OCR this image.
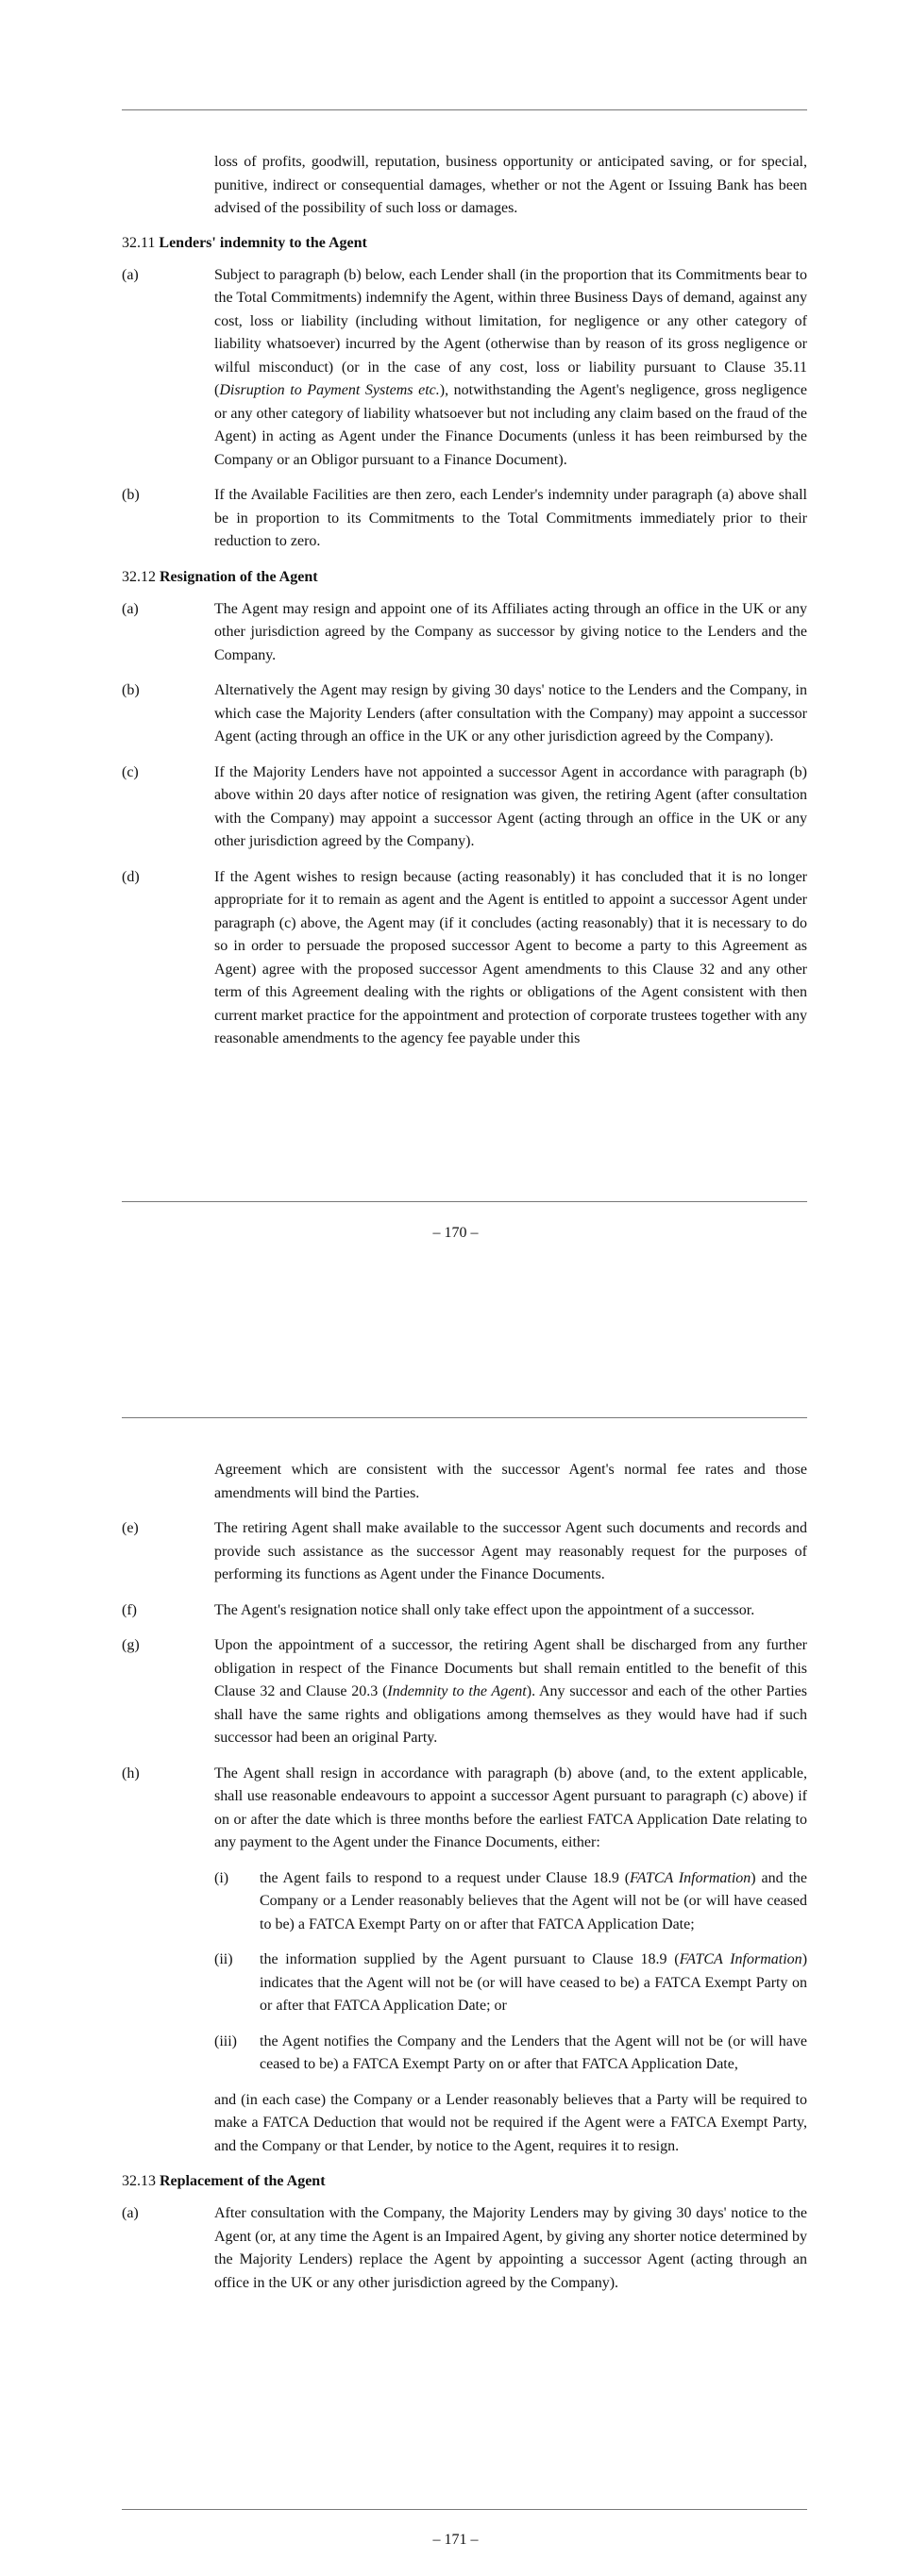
loss of profits, goodwill, reputation, business opportunity or anticipated saving, or for special, punitive, indirect or consequential damages, whether or not the Agent or Issuing Bank has been advised of the possibility of such loss or damages.

32.11 Lenders' indemnity to the Agent
(a)	Subject to paragraph (b) below, each Lender shall (in the proportion that its Commitments bear to the Total Commitments) indemnify the Agent, within three Business Days of demand, against any cost, loss or liability (including without limitation, for negligence or any other category of liability whatsoever) incurred by the Agent (otherwise than by reason of its gross negligence or wilful misconduct) (or in the case of any cost, loss or liability pursuant to Clause 35.11 (Disruption to Payment Systems etc.), notwithstanding the Agent's negligence, gross negligence or any other category of liability whatsoever but not including any claim based on the fraud of the Agent) in acting as Agent under the Finance Documents (unless it has been reimbursed by the Company or an Obligor pursuant to a Finance Document).

(b)	If the Available Facilities are then zero, each Lender's indemnity under paragraph (a) above shall be in proportion to its Commitments to the Total Commitments immediately prior to their reduction to zero.

32.12 Resignation of the Agent
(a)	The Agent may resign and appoint one of its Affiliates acting through an office in the UK or any other jurisdiction agreed by the Company as successor by giving notice to the Lenders and the Company.

(b)	Alternatively the Agent may resign by giving 30 days' notice to the Lenders and the Company, in which case the Majority Lenders (after consultation with the Company) may appoint a successor Agent (acting through an office in the UK or any other jurisdiction agreed by the Company).

(c)	If the Majority Lenders have not appointed a successor Agent in accordance with paragraph (b) above within 20 days after notice of resignation was given, the retiring Agent (after consultation with the Company) may appoint a successor Agent (acting through an office in the UK or any other jurisdiction agreed by the Company).

(d)	If the Agent wishes to resign because (acting reasonably) it has concluded that it is no longer appropriate for it to remain as agent and the Agent is entitled to appoint a successor Agent under paragraph (c) above, the Agent may (if it concludes (acting reasonably) that it is necessary to do so in order to persuade the proposed successor Agent to become a party to this Agreement as Agent) agree with the proposed successor Agent amendments to this Clause 32 and any other term of this Agreement dealing with the rights or obligations of the Agent consistent with then current market practice for the appointment and protection of corporate trustees together with any reasonable amendments to the agency fee payable under this

– 170 –

Agreement which are consistent with the successor Agent's normal fee rates and those amendments will bind the Parties.

(e)	The retiring Agent shall make available to the successor Agent such documents and records and provide such assistance as the successor Agent may reasonably request for the purposes of performing its functions as Agent under the Finance Documents.

(f)	The Agent's resignation notice shall only take effect upon the appointment of a successor.

(g)	Upon the appointment of a successor, the retiring Agent shall be discharged from any further obligation in respect of the Finance Documents but shall remain entitled to the benefit of this Clause 32 and Clause 20.3 (Indemnity to the Agent). Any successor and each of the other Parties shall have the same rights and obligations among themselves as they would have had if such successor had been an original Party.

(h)	The Agent shall resign in accordance with paragraph (b) above (and, to the extent applicable, shall use reasonable endeavours to appoint a successor Agent pursuant to paragraph (c) above) if on or after the date which is three months before the earliest FATCA Application Date relating to any payment to the Agent under the Finance Documents, either:

(i)	the Agent fails to respond to a request under Clause 18.9 (FATCA Information) and the Company or a Lender reasonably believes that the Agent will not be (or will have ceased to be) a FATCA Exempt Party on or after that FATCA Application Date;

(ii)	the information supplied by the Agent pursuant to Clause 18.9 (FATCA Information) indicates that the Agent will not be (or will have ceased to be) a FATCA Exempt Party on or after that FATCA Application Date; or

(iii)	the Agent notifies the Company and the Lenders that the Agent will not be (or will have ceased to be) a FATCA Exempt Party on or after that FATCA Application Date,

and (in each case) the Company or a Lender reasonably believes that a Party will be required to make a FATCA Deduction that would not be required if the Agent were a FATCA Exempt Party, and the Company or that Lender, by notice to the Agent, requires it to resign.

32.13 Replacement of the Agent
(a)	After consultation with the Company, the Majority Lenders may by giving 30 days' notice to the Agent (or, at any time the Agent is an Impaired Agent, by giving any shorter notice determined by the Majority Lenders) replace the Agent by appointing a successor Agent (acting through an office in the UK or any other jurisdiction agreed by the Company).

– 171 –
